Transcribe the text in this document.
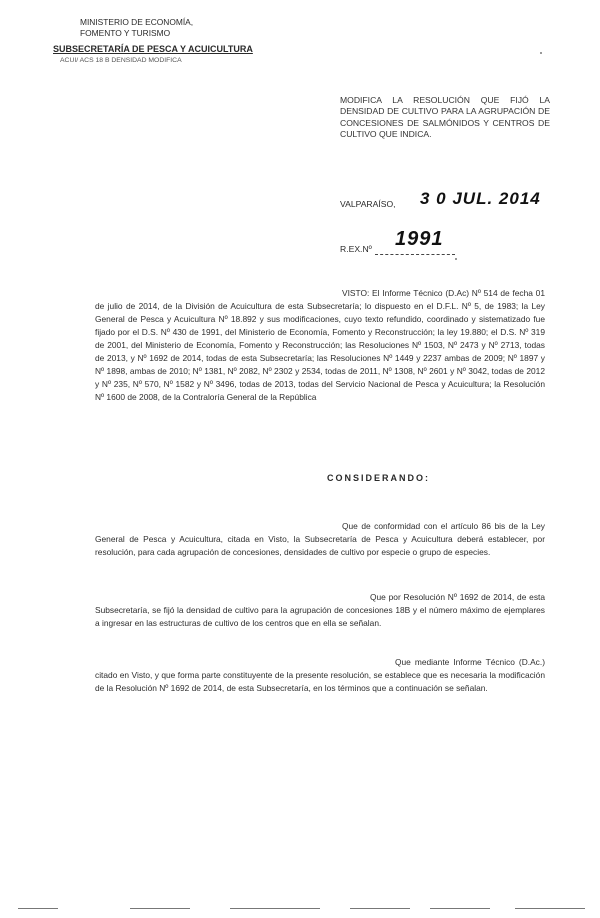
MINISTERIO DE ECONOMÍA,
FOMENTO Y TURISMO
SUBSECRETARÍA DE PESCA Y ACUICULTURA
ACUI/ ACS 18 B DENSIDAD MODIFICA
MODIFICA LA RESOLUCIÓN QUE FIJÓ LA DENSIDAD DE CULTIVO PARA LA AGRUPACIÓN DE CONCESIONES DE SALMÓNIDOS Y CENTROS DE CULTIVO QUE INDICA.
VALPARAÍSO, 3 0 JUL. 2014
R.EX.Nº 1991
VISTO: El Informe Técnico (D.Ac) Nº 514 de fecha 01 de julio de 2014, de la División de Acuicultura de esta Subsecretaría; lo dispuesto en el D.F.L. Nº 5, de 1983; la Ley General de Pesca y Acuicultura Nº 18.892 y sus modificaciones, cuyo texto refundido, coordinado y sistematizado fue fijado por el D.S. Nº 430 de 1991, del Ministerio de Economía, Fomento y Reconstrucción; la ley 19.880; el D.S. Nº 319 de 2001, del Ministerio de Economía, Fomento y Reconstrucción; las Resoluciones Nº 1503, Nº 2473 y Nº 2713, todas de 2013, y Nº 1692 de 2014, todas de esta Subsecretaría; las Resoluciones Nº 1449 y 2237 ambas de 2009; Nº 1897 y Nº 1898, ambas de 2010; Nº 1381, Nº 2082, Nº 2302 y 2534, todas de 2011, Nº 1308, Nº 2601 y Nº 3042, todas de 2012 y Nº 235, Nº 570, Nº 1582 y Nº 3496, todas de 2013, todas del Servicio Nacional de Pesca y Acuicultura; la Resolución Nº 1600 de 2008, de la Contraloría General de la República
CONSIDERANDO:
Que de conformidad con el artículo 86 bis de la Ley General de Pesca y Acuicultura, citada en Visto, la Subsecretaría de Pesca y Acuicultura deberá establecer, por resolución, para cada agrupación de concesiones, densidades de cultivo por especie o grupo de especies.
Que por Resolución Nº 1692 de 2014, de esta Subsecretaría, se fijó la densidad de cultivo para la agrupación de concesiones 18B y el número máximo de ejemplares a ingresar en las estructuras de cultivo de los centros que en ella se señalan.
Que mediante Informe Técnico (D.Ac.) citado en Visto, y que forma parte constituyente de la presente resolución, se establece que es necesaria la modificación de la Resolución Nº 1692 de 2014, de esta Subsecretaría, en los términos que a continuación se señalan.
